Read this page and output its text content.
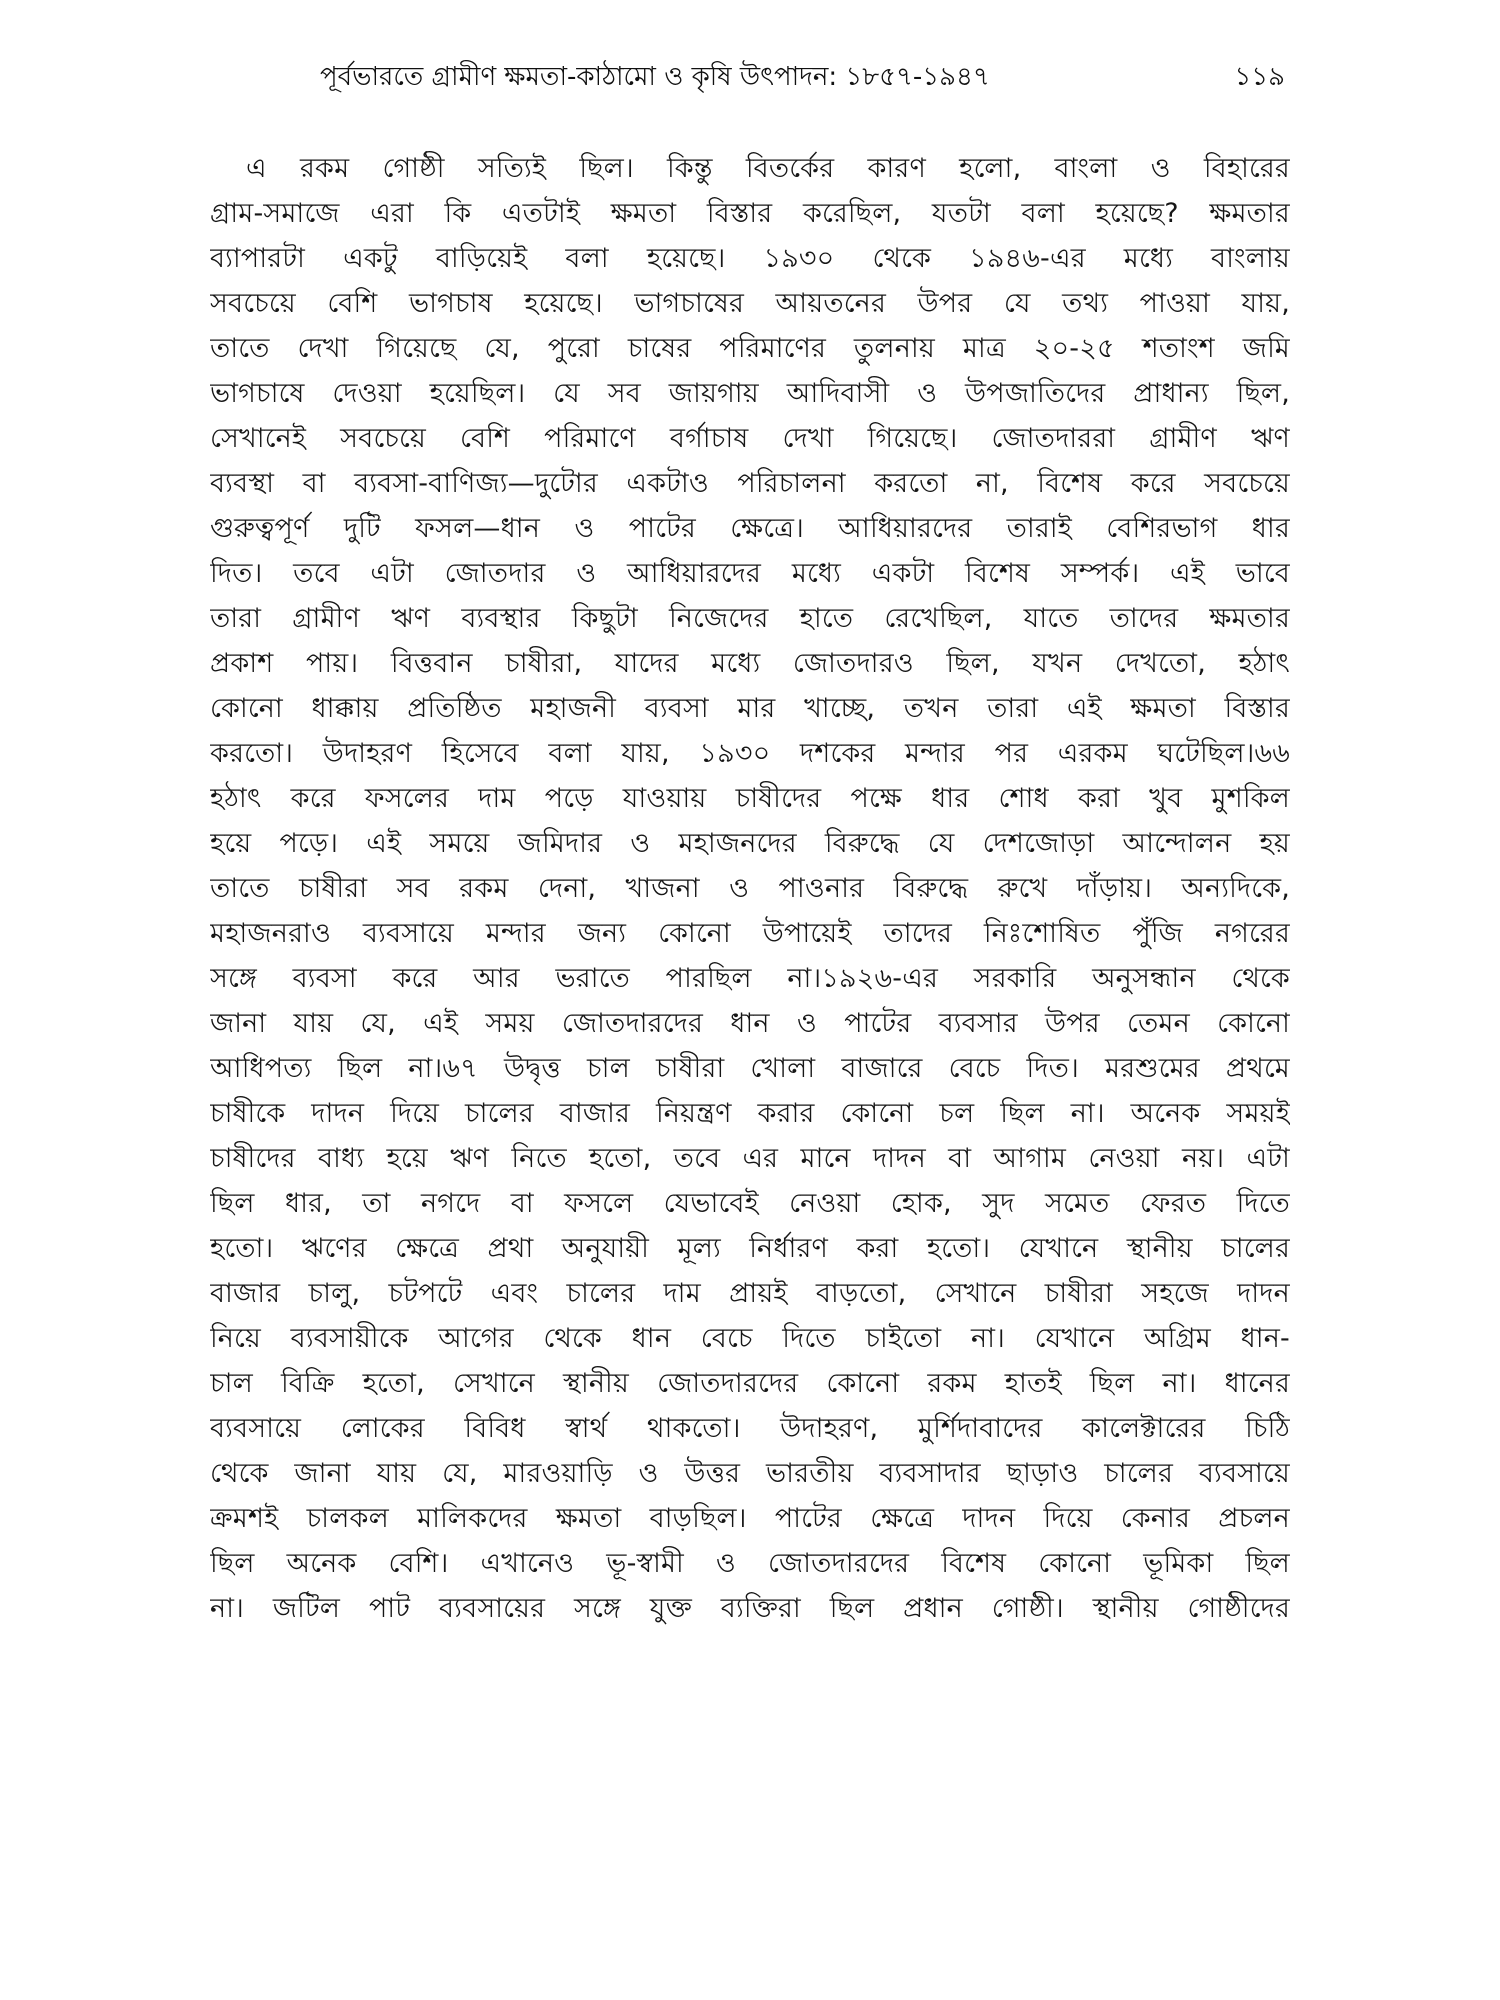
পূর্বভারতে গ্রামীণ ক্ষমতা-কাঠামো ও কৃষি উৎপাদন: ১৮৫৭-১৯৪৭	১১৯
এ রকম গোষ্ঠী সত্যিই ছিল। কিন্তু বিতর্কের কারণ হলো, বাংলা ও বিহারের
গ্রাম-সমাজে এরা কি এতটাই ক্ষমতা বিস্তার করেছিল, যতটা বলা হয়েছে? ক্ষমতার
ব্যাপারটা একটু বাড়িয়েই বলা হয়েছে। ১৯৩০ থেকে ১৯৪৬-এর মধ্যে বাংলায়
সবচেয়ে বেশি ভাগচাষ হয়েছে। ভাগচাষের আয়তনের উপর যে তথ্য পাওয়া যায়,
তাতে দেখা গিয়েছে যে, পুরো চাষের পরিমাণের তুলনায় মাত্র ২০-২৫ শতাংশ জমি
ভাগচাষে দেওয়া হয়েছিল। যে সব জায়গায় আদিবাসী ও উপজাতিদের প্রাধান্য ছিল,
সেখানেই সবচেয়ে বেশি পরিমাণে বর্গাচাষ দেখা গিয়েছে। জোতদাররা গ্রামীণ ঋণ
ব্যবস্থা বা ব্যবসা-বাণিজ্য—দুটোর একটাও পরিচালনা করতো না, বিশেষ করে সবচেয়ে
গুরুত্বপূর্ণ দুটি ফসল—ধান ও পাটের ক্ষেত্রে। আধিয়ারদের তারাই বেশিরভাগ ধার
দিত। তবে এটা জোতদার ও আধিয়ারদের মধ্যে একটা বিশেষ সম্পর্ক। এই ভাবে
তারা গ্রামীণ ঋণ ব্যবস্থার কিছুটা নিজেদের হাতে রেখেছিল, যাতে তাদের ক্ষমতার
প্রকাশ পায়। বিত্তবান চাষীরা, যাদের মধ্যে জোতদারও ছিল, যখন দেখতো, হঠাৎ
কোনো ধাক্কায় প্রতিষ্ঠিত মহাজনী ব্যবসা মার খাচ্ছে, তখন তারা এই ক্ষমতা বিস্তার
করতো। উদাহরণ হিসেবে বলা যায়, ১৯৩০ দশকের মন্দার পর এরকম ঘটেছিল।৬৬
হঠাৎ করে ফসলের দাম পড়ে যাওয়ায় চাষীদের পক্ষে ধার শোধ করা খুব মুশকিল
হয়ে পড়ে। এই সময়ে জমিদার ও মহাজনদের বিরুদ্ধে যে দেশজোড়া আন্দোলন হয়
তাতে চাষীরা সব রকম দেনা, খাজনা ও পাওনার বিরুদ্ধে রুখে দাঁড়ায়। অন্যদিকে,
মহাজনরাও ব্যবসায়ে মন্দার জন্য কোনো উপায়েই তাদের নিঃশোষিত পুঁজি নগরের
সঙ্গে ব্যবসা করে আর ভরাতে পারছিল না।১৯২৬-এর সরকারি অনুসন্ধান থেকে
জানা যায় যে, এই সময় জোতদারদের ধান ও পাটের ব্যবসার উপর তেমন কোনো
আধিপত্য ছিল না।৬৭ উদ্বৃত্ত চাল চাষীরা খোলা বাজারে বেচে দিত। মরশুমের প্রথমে
চাষীকে দাদন দিয়ে চালের বাজার নিয়ন্ত্রণ করার কোনো চল ছিল না। অনেক সময়ই
চাষীদের বাধ্য হয়ে ঋণ নিতে হতো, তবে এর মানে দাদন বা আগাম নেওয়া নয়। এটা
ছিল ধার, তা নগদে বা ফসলে যেভাবেই নেওয়া হোক, সুদ সমেত ফেরত দিতে
হতো। ঋণের ক্ষেত্রে প্রথা অনুযায়ী মূল্য নির্ধারণ করা হতো। যেখানে স্থানীয় চালের
বাজার চালু, চটপটে এবং চালের দাম প্রায়ই বাড়তো, সেখানে চাষীরা সহজে দাদন
নিয়ে ব্যবসায়ীকে আগের থেকে ধান বেচে দিতে চাইতো না। যেখানে অগ্রিম ধান-
চাল বিক্রি হতো, সেখানে স্থানীয় জোতদারদের কোনো রকম হাতই ছিল না। ধানের
ব্যবসায়ে লোকের বিবিধ স্বার্থ থাকতো। উদাহরণ, মুর্শিদাবাদের কালেক্টারের চিঠি
থেকে জানা যায় যে, মারওয়াড়ি ও উত্তর ভারতীয় ব্যবসাদার ছাড়াও চালের ব্যবসায়ে
ক্রমশই চালকল মালিকদের ক্ষমতা বাড়ছিল। পাটের ক্ষেত্রে দাদন দিয়ে কেনার প্রচলন
ছিল অনেক বেশি। এখানেও ভূ-স্বামী ও জোতদারদের বিশেষ কোনো ভূমিকা ছিল
না। জটিল পাট ব্যবসায়ের সঙ্গে যুক্ত ব্যক্তিরা ছিল প্রধান গোষ্ঠী। স্থানীয় গোষ্ঠীদের
